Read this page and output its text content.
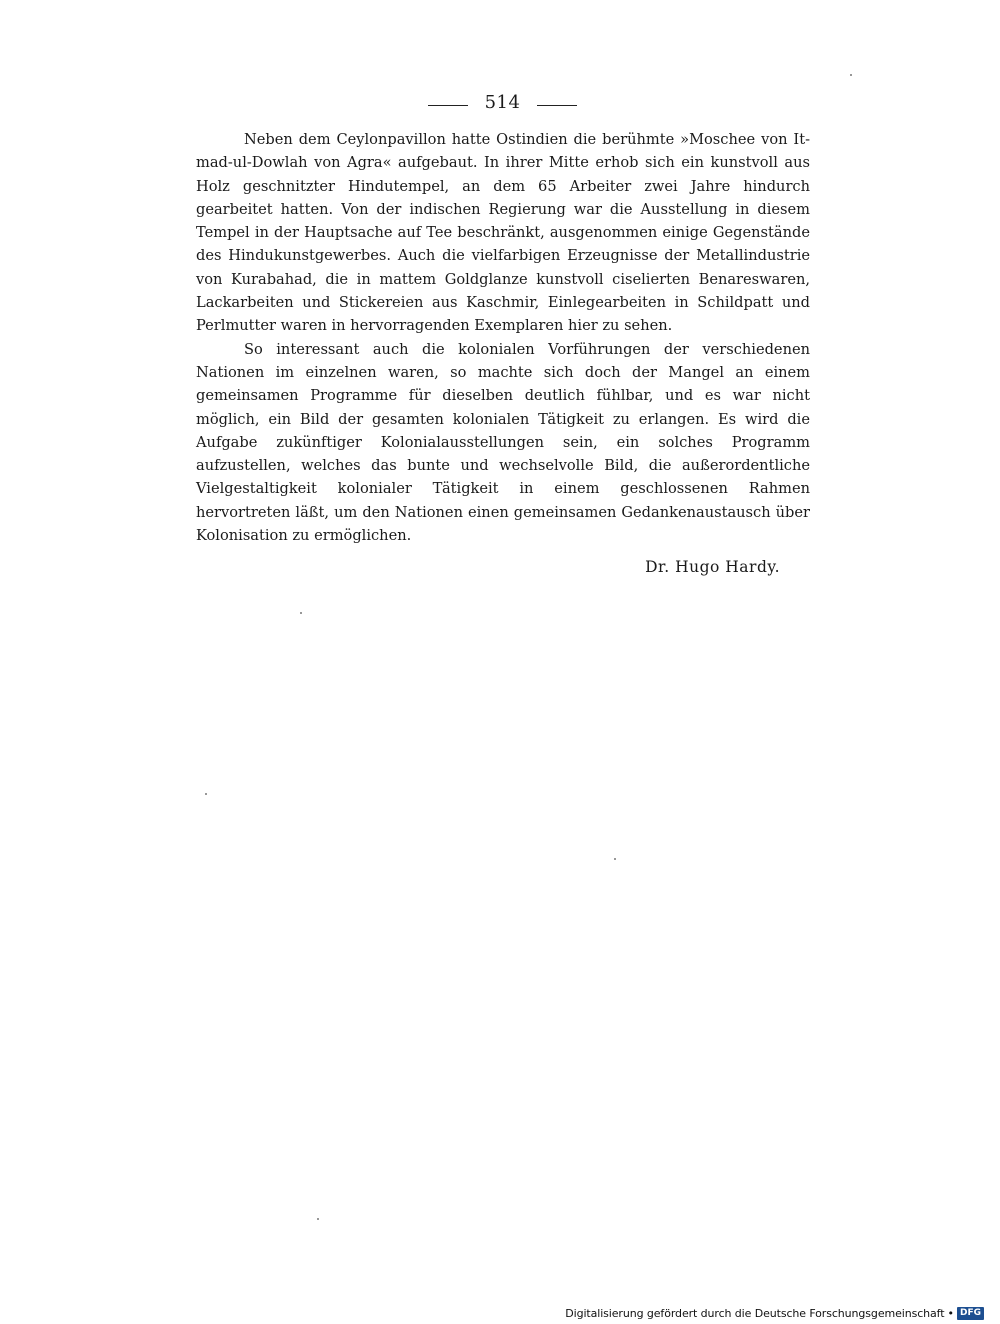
514

Neben dem Ceylonpavillon hatte Ostindien die berühmte »Moschee von It-mad-ul-Dowlah von Agra« aufgebaut. In ihrer Mitte erhob sich ein kunstvoll aus Holz geschnitzter Hindutempel, an dem 65 Arbeiter zwei Jahre hindurch gearbeitet hatten. Von der indischen Regierung war die Ausstellung in diesem Tempel in der Hauptsache auf Tee beschränkt, ausgenommen einige Gegenstände des Hindukunstgewerbes. Auch die vielfarbigen Erzeugnisse der Metallindustrie von Kurabahad, die in mattem Goldglanze kunstvoll ciselierten Benareswaren, Lackarbeiten und Stickereien aus Kaschmir, Einlegearbeiten in Schildpatt und Perlmutter waren in hervorragenden Exemplaren hier zu sehen.

So interessant auch die kolonialen Vorführungen der verschiedenen Nationen im einzelnen waren, so machte sich doch der Mangel an einem gemeinsamen Programme für dieselben deutlich fühlbar, und es war nicht möglich, ein Bild der gesamten kolonialen Tätigkeit zu erlangen. Es wird die Aufgabe zukünftiger Kolonialausstellungen sein, ein solches Programm aufzustellen, welches das bunte und wechselvolle Bild, die außerordentliche Vielgestaltigkeit kolonialer Tätigkeit in einem geschlossenen Rahmen hervortreten läßt, um den Nationen einen gemeinsamen Gedankenaustausch über Kolonisation zu ermöglichen.

Dr. Hugo Hardy.
Digitalisierung gefördert durch die Deutsche Forschungsgemeinschaft • DFG
